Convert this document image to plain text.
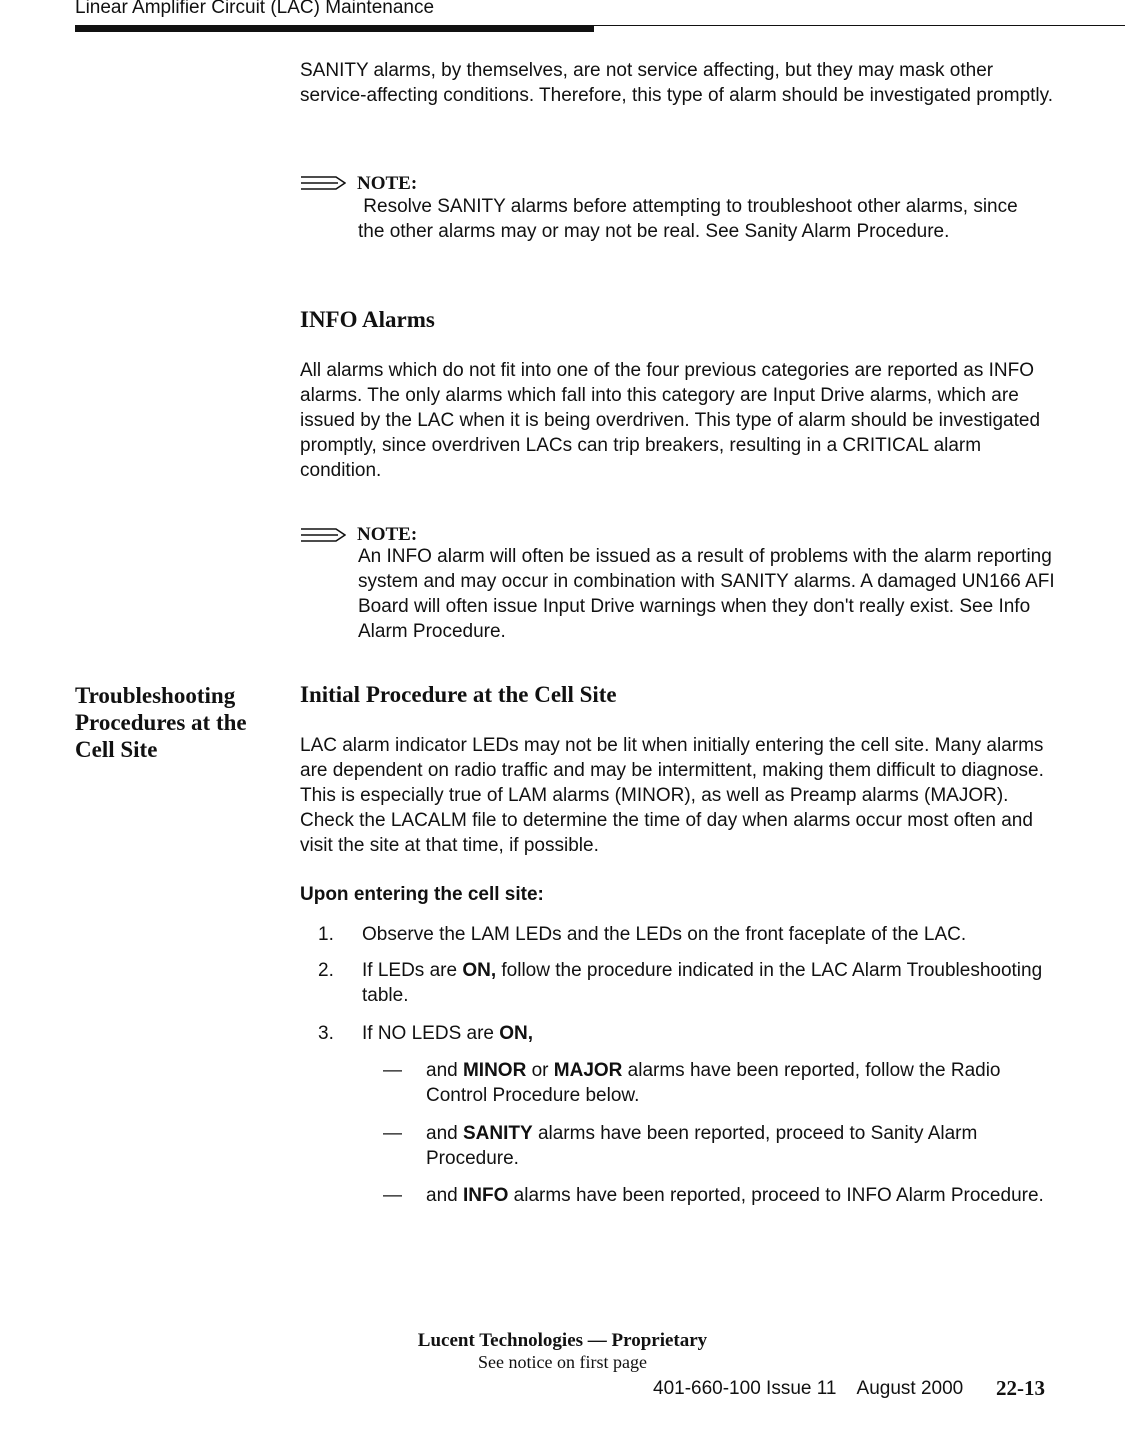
Linear Amplifier Circuit (LAC) Maintenance
SANITY alarms, by themselves, are not service affecting, but they may mask other service-affecting conditions. Therefore, this type of alarm should be investigated promptly.
NOTE:
Resolve SANITY alarms before attempting to troubleshoot other alarms, since the other alarms may or may not be real. See Sanity Alarm Procedure.
INFO Alarms
All alarms which do not fit into one of the four previous categories are reported as INFO alarms. The only alarms which fall into this category are Input Drive alarms, which are issued by the LAC when it is being overdriven. This type of alarm should be investigated promptly, since overdriven LACs can trip breakers, resulting in a CRITICAL alarm condition.
NOTE:
An INFO alarm will often be issued as a result of problems with the alarm reporting system and may occur in combination with SANITY alarms. A damaged UN166 AFI Board will often issue Input Drive warnings when they don't really exist. See Info Alarm Procedure.
Troubleshooting Procedures at the Cell Site
Initial Procedure at the Cell Site
LAC alarm indicator LEDs may not be lit when initially entering the cell site. Many alarms are dependent on radio traffic and may be intermittent, making them difficult to diagnose. This is especially true of LAM alarms (MINOR), as well as Preamp alarms (MAJOR). Check the LACALM file to determine the time of day when alarms occur most often and visit the site at that time, if possible.
Upon entering the cell site:
1.	Observe the LAM LEDs and the LEDs on the front faceplate of the LAC.
2.	If LEDs are ON, follow the procedure indicated in the LAC Alarm Troubleshooting table.
3.	If NO LEDS are ON,
— and MINOR or MAJOR alarms have been reported, follow the Radio Control Procedure below.
— and SANITY alarms have been reported, proceed to Sanity Alarm Procedure.
— and INFO alarms have been reported, proceed to INFO Alarm Procedure.
Lucent Technologies — Proprietary
See notice on first page
401-660-100 Issue 11    August 2000 22-13
